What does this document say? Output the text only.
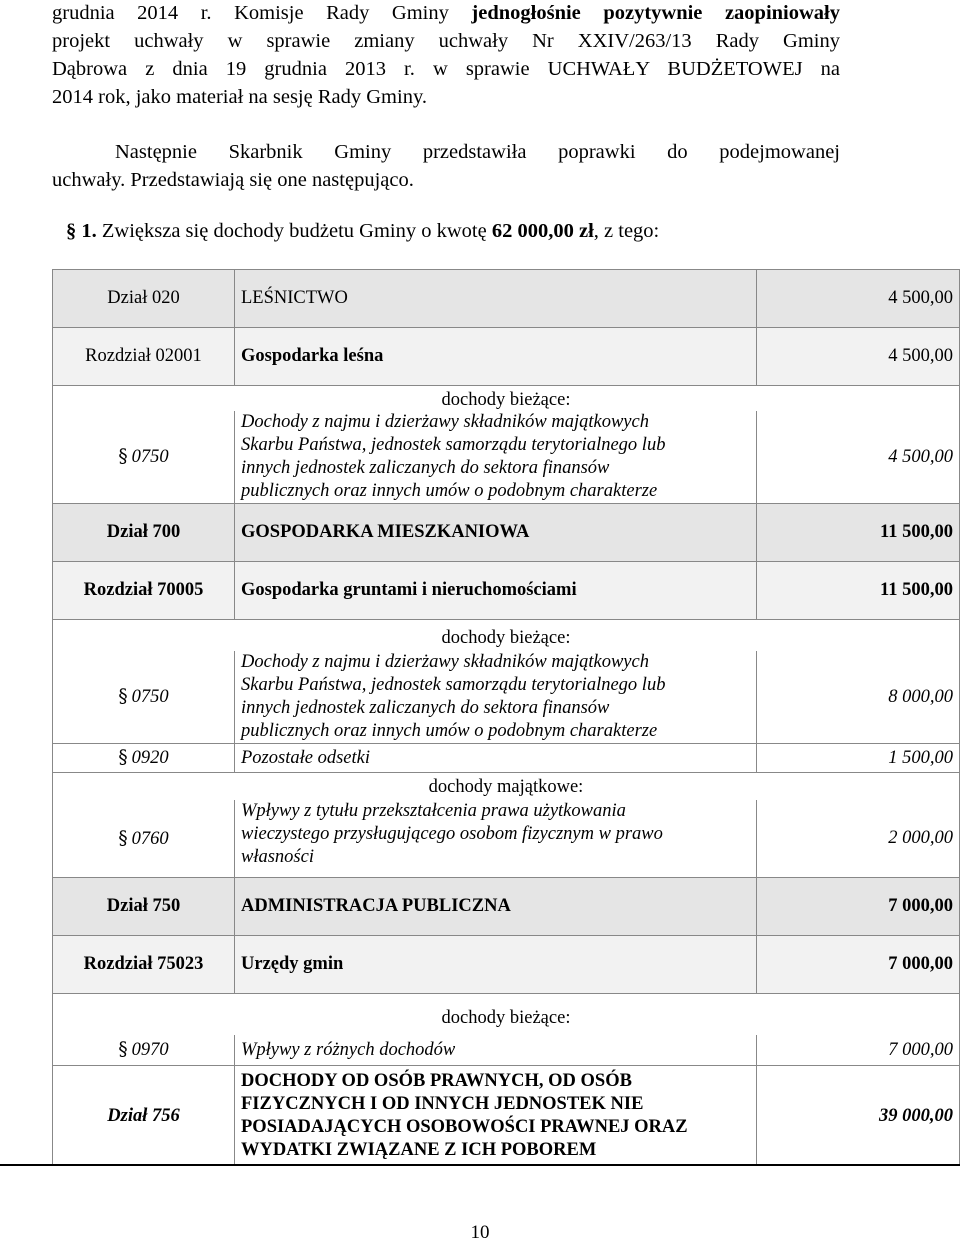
grudnia 2014 r. Komisje Rady Gminy jednogłośnie pozytywnie zaopiniowały
projekt uchwały w sprawie zmiany uchwały Nr XXIV/263/13 Rady Gminy
Dąbrowa z dnia 19 grudnia 2013 r. w sprawie UCHWAŁY BUDŻETOWEJ na
2014 rok, jako materiał na sesję Rady Gminy.

Następnie Skarbnik Gminy przedstawiła poprawki do podejmowanej
uchwały. Przedstawiają się one następująco.

§ 1. Zwiększa się dochody budżetu Gminy o kwotę 62 000,00 zł, z tego:
Dział 020	LEŚNICTWO	4 500,00
Rozdział 02001	Gospodarka leśna	4 500,00
dochody bieżące:		
§ 0750	Dochody z najmu i dzierżawy składników majątkowych
Skarbu Państwa, jednostek samorządu terytorialnego lub
innych jednostek zaliczanych do sektora finansów
publicznych oraz innych umów o podobnym charakterze	4 500,00
Dział 700	GOSPODARKA MIESZKANIOWA	11 500,00
Rozdział 70005	Gospodarka gruntami i nieruchomościami	11 500,00
dochody bieżące:		
§ 0750	Dochody z najmu i dzierżawy składników majątkowych
Skarbu Państwa, jednostek samorządu terytorialnego lub
innych jednostek zaliczanych do sektora finansów
publicznych oraz innych umów o podobnym charakterze	8 000,00
§ 0920	Pozostałe odsetki	1 500,00
dochody majątkowe:		
§ 0760	Wpływy z tytułu przekształcenia prawa użytkowania
wieczystego przysługującego osobom fizycznym w prawo
własności	2 000,00
Dział 750	ADMINISTRACJA PUBLICZNA	7 000,00
Rozdział 75023	Urzędy gmin	7 000,00
dochody bieżące:		
§ 0970	Wpływy z różnych dochodów	7 000,00
Dział 756	DOCHODY OD OSÓB PRAWNYCH, OD OSÓB
FIZYCZNYCH I OD INNYCH JEDNOSTEK NIE
POSIADAJĄCYCH OSOBOWOŚCI PRAWNEJ ORAZ
WYDATKI ZWIĄZANE Z ICH POBOREM	39 000,00
10
